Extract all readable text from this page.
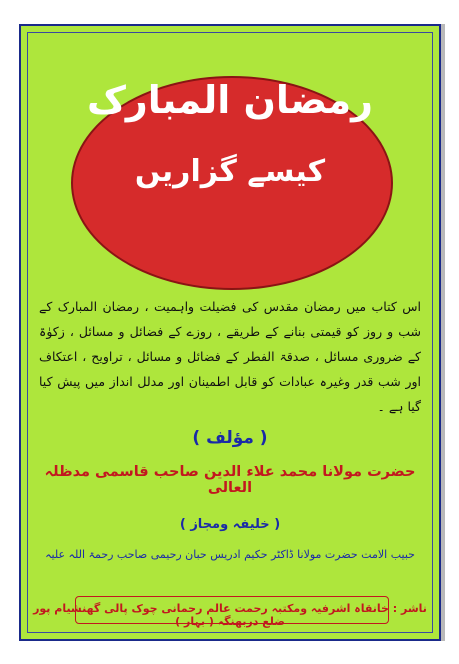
رمضان المبارک
کیسے گزاریں
اس کتاب میں رمضان مقدس کی فضیلت واہمیت ، رمضان المبارک کے شب و روز کو قیمتی بنانے کے طریقے ، روزے کے فضائل و مسائل ، زکوٰۃ کے ضروری مسائل ، صدقۃ الفطر کے فضائل و مسائل ، تراویح ، اعتکاف اور شب قدر وغیرہ عبادات کو قابل اطمینان اور مدلل انداز میں پیش کیا گیا ہے ۔
( مؤلف )
حضرت مولانا محمد علاء الدین صاحب قاسمی مدظلہ العالی
( خلیفہ ومجاز )
حبیب الامت حضرت مولانا ڈاکٹر حکیم ادریس حبان رحیمی صاحب رحمۃ اللہ علیہ
ناشر : خانقاہ اشرفیہ ومکتبہ رحمت عالم رحمانی چوک پالی گھنشیام پور ضلع دربھنگہ ( بہار )
